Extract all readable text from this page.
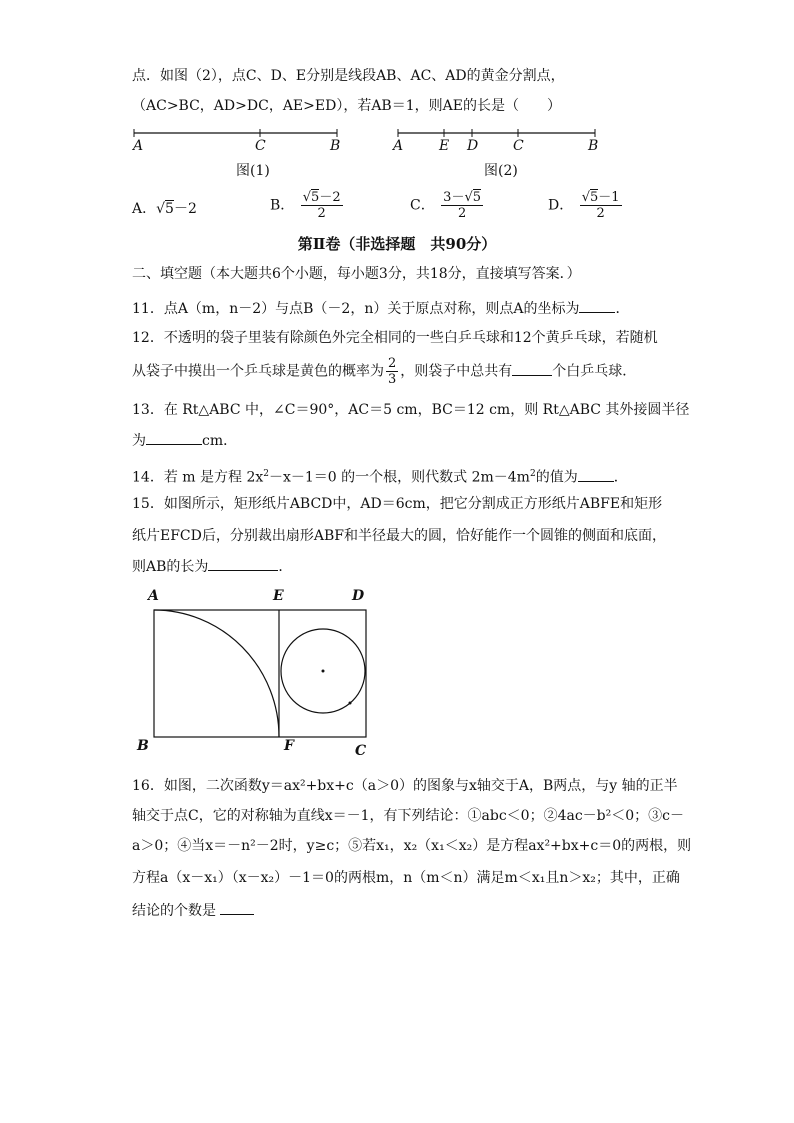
点．如图（2），点C、D、E分别是线段AB、AC、AD的黄金分割点，
（AC>BC，AD>DC，AE>ED），若AB＝1，则AE的长是（　　）
A	C	B
图(1)
A	E D C	B
图(2)
A．√5－2	B． $\frac{√5-2}{2}$	C． $\frac{3-√5}{2}$	D． $\frac{√5-1}{2}$
第Ⅱ卷（非选择题　共90分）
二、填空题（本大题共6个小题，每小题3分，共18分，直接填写答案．）
11．点A（m，n－2）与点B（－2，n）关于原点对称，则点A的坐标为	．
12．不透明的袋子里装有除颜色外完全相同的一些白乒乓球和12个黄乒乓球，若随机
从袋子中摸出一个乒乓球是黄色的概率为 $\frac{2}{3}$ ，则袋子中总共有	个白乒乓球．
13．在 Rt△ABC 中，∠C＝90°，AC＝5 cm，BC＝12 cm，则 Rt△ABC 其外接圆半径
为	cm．
14．若 m 是方程 $2x^2-x-1=0$ 的一个根，则代数式 $2m-4m^2$的值为	．
15．如图所示，矩形纸片ABCD中，AD＝6cm，把它分割成正方形纸片ABFE和矩形
纸片EFCD后，分别裁出扇形ABF和半径最大的圆，恰好能作一个圆锥的侧面和底面，
则AB的长为	．
A	E	D
B	F	C
16．如图，二次函数y＝ax²+bx+c（a＞0）的图象与x轴交于A，B两点，与y 轴的正半
轴交于点C，它的对称轴为直线x＝－1，有下列结论：①abc＜0；②4ac－b²＜0；③c－
a＞0；④当x＝－n²－2时，y≥c；⑤若x₁，x₂（x₁＜x₂）是方程ax²+bx+c＝0的两根，则
方程a（x－x₁）（x－x₂）－1＝0的两根m，n（m＜n）满足m＜x₁且n＞x₂；其中，正确
结论的个数是
